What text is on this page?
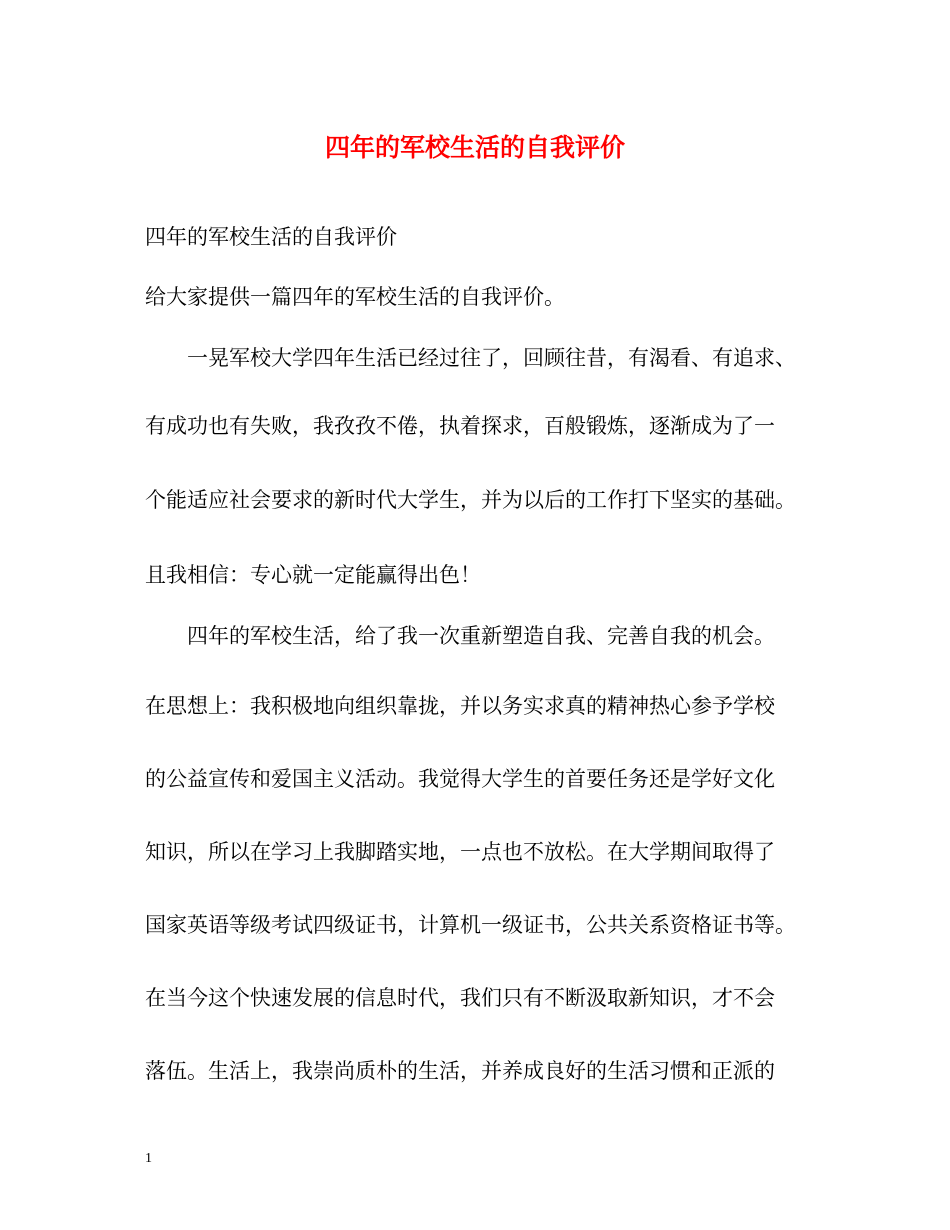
四年的军校生活的自我评价
四年的军校生活的自我评价
给大家提供一篇四年的军校生活的自我评价。
一晃军校大学四年生活已经过往了，回顾往昔，有渴看、有追求、
有成功也有失败，我孜孜不倦，执着探求，百般锻炼，逐渐成为了一
个能适应社会要求的新时代大学生，并为以后的工作打下坚实的基础。
且我相信：专心就一定能赢得出色！
四年的军校生活，给了我一次重新塑造自我、完善自我的机会。
在思想上：我积极地向组织靠拢，并以务实求真的精神热心参予学校
的公益宣传和爱国主义活动。我觉得大学生的首要任务还是学好文化
知识，所以在学习上我脚踏实地，一点也不放松。在大学期间取得了
国家英语等级考试四级证书，计算机一级证书，公共关系资格证书等。
在当今这个快速发展的信息时代，我们只有不断汲取新知识，才不会
落伍。生活上，我崇尚质朴的生活，并养成良好的生活习惯和正派的
1
